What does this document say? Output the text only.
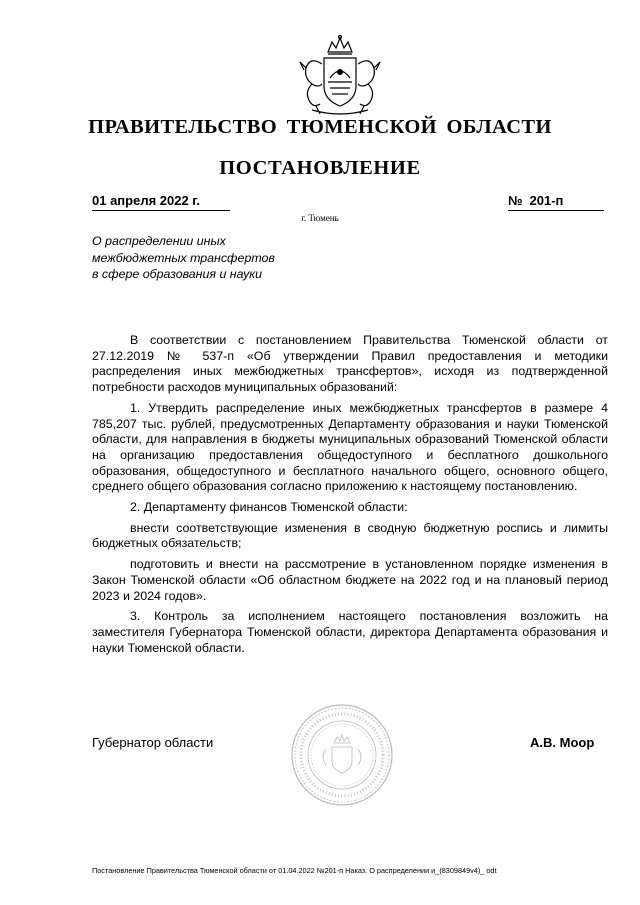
ПРАВИТЕЛЬСТВО ТЮМЕНСКОЙ ОБЛАСТИ
ПОСТАНОВЛЕНИЕ
01 апреля 2022 г.	№ 201-п
г. Тюмень
О распределении иных
межбюджетных трансфертов
в сфере образования и науки

В соответствии с постановлением Правительства Тюменской области от 27.12.2019 № 537-п «Об утверждении Правил предоставления и методики распределения иных межбюджетных трансфертов», исходя из подтвержденной потребности расходов муниципальных образований:

1. Утвердить распределение иных межбюджетных трансфертов в размере 4 785,207 тыс. рублей, предусмотренных Департаменту образования и науки Тюменской области, для направления в бюджеты муниципальных образований Тюменской области на организацию предоставления общедоступного и бесплатного дошкольного образования, общедоступного и бесплатного начального общего, основного общего, среднего общего образования согласно приложению к настоящему постановлению.

2. Департаменту финансов Тюменской области:

внести соответствующие изменения в сводную бюджетную роспись и лимиты бюджетных обязательств;

подготовить и внести на рассмотрение в установленном порядке изменения в Закон Тюменской области «Об областном бюджете на 2022 год и на плановый период 2023 и 2024 годов».

3. Контроль за исполнением настоящего постановления возложить на заместителя Губернатора Тюменской области, директора Департамента образования и науки Тюменской области.

Губернатор области	А.В. Моор
Постановление Правительства Тюменской области от 01.04.2022 №201-п Наказ. О распределении и_(8309849v4)_ odt
